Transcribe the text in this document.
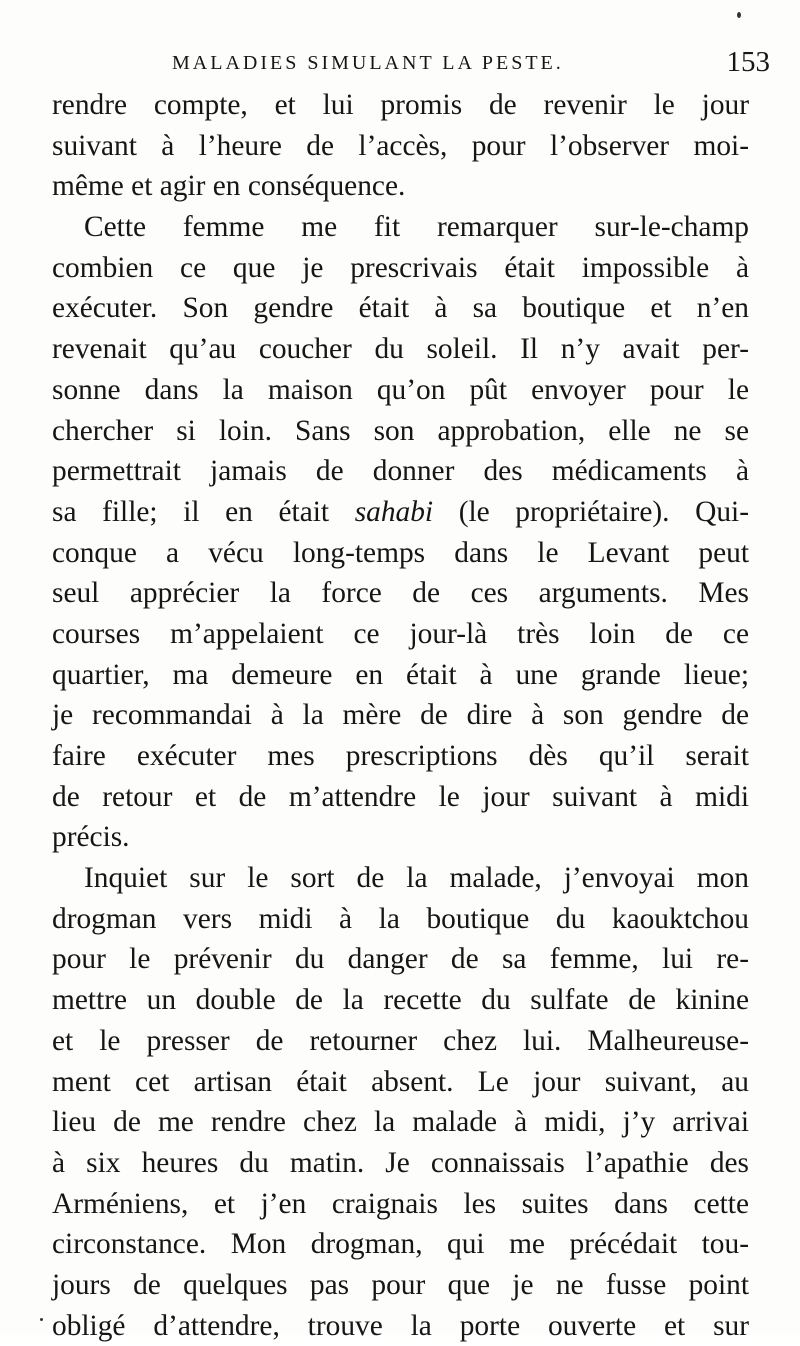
MALADIES SIMULANT LA PESTE.	153
rendre compte, et lui promis de revenir le jour
suivant à l’heure de l’accès, pour l’observer moi-
même et agir en conséquence.
Cette femme me fit remarquer sur-le-champ
combien ce que je prescrivais était impossible à
exécuter. Son gendre était à sa boutique et n’en
revenait qu’au coucher du soleil. Il n’y avait per-
sonne dans la maison qu’on pût envoyer pour le
chercher si loin. Sans son approbation, elle ne se
permettrait jamais de donner des médicaments à
sa fille; il en était sahabi (le propriétaire). Qui-
conque a vécu long-temps dans le Levant peut
seul apprécier la force de ces arguments. Mes
courses m’appelaient ce jour-là très loin de ce
quartier, ma demeure en était à une grande lieue;
je recommandai à la mère de dire à son gendre de
faire exécuter mes prescriptions dès qu’il serait
de retour et de m’attendre le jour suivant à midi
précis.
Inquiet sur le sort de la malade, j’envoyai mon
drogman vers midi à la boutique du kaouktchou
pour le prévenir du danger de sa femme, lui re-
mettre un double de la recette du sulfate de kinine
et le presser de retourner chez lui. Malheureuse-
ment cet artisan était absent. Le jour suivant, au
lieu de me rendre chez la malade à midi, j’y arrivai
à six heures du matin. Je connaissais l’apathie des
Arméniens, et j’en craignais les suites dans cette
circonstance. Mon drogman, qui me précédait tou-
jours de quelques pas pour que je ne fusse point
obligé d’attendre, trouve la porte ouverte et sur
